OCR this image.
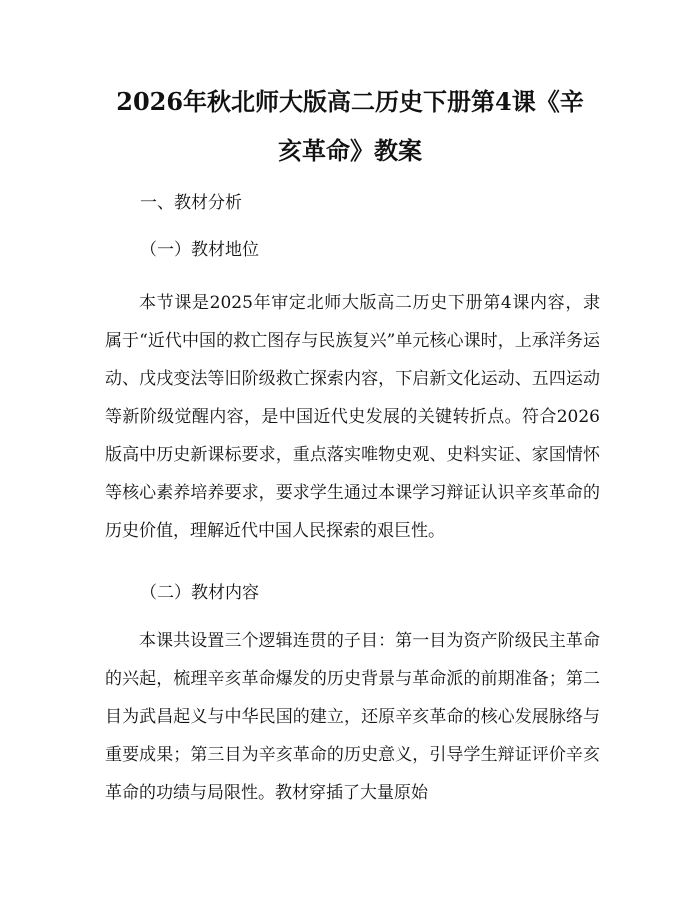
2026年秋北师大版高二历史下册第4课《辛
亥革命》教案
一、教材分析
（一）教材地位

本节课是2025年审定北师大版高二历史下册第4课内容，隶属于“近代中国的救亡图存与民族复兴”单元核心课时，上承洋务运动、戊戌变法等旧阶级救亡探索内容，下启新文化运动、五四运动等新阶级觉醒内容，是中国近代史发展的关键转折点。符合2026版高中历史新课标要求，重点落实唯物史观、史料实证、家国情怀等核心素养培养要求，要求学生通过本课学习辩证认识辛亥革命的历史价值，理解近代中国人民探索的艰巨性。

（二）教材内容

本课共设置三个逻辑连贯的子目：第一目为资产阶级民主革命的兴起，梳理辛亥革命爆发的历史背景与革命派的前期准备；第二目为武昌起义与中华民国的建立，还原辛亥革命的核心发展脉络与重要成果；第三目为辛亥革命的历史意义，引导学生辩证评价辛亥革命的功绩与局限性。教材穿插了大量原始
